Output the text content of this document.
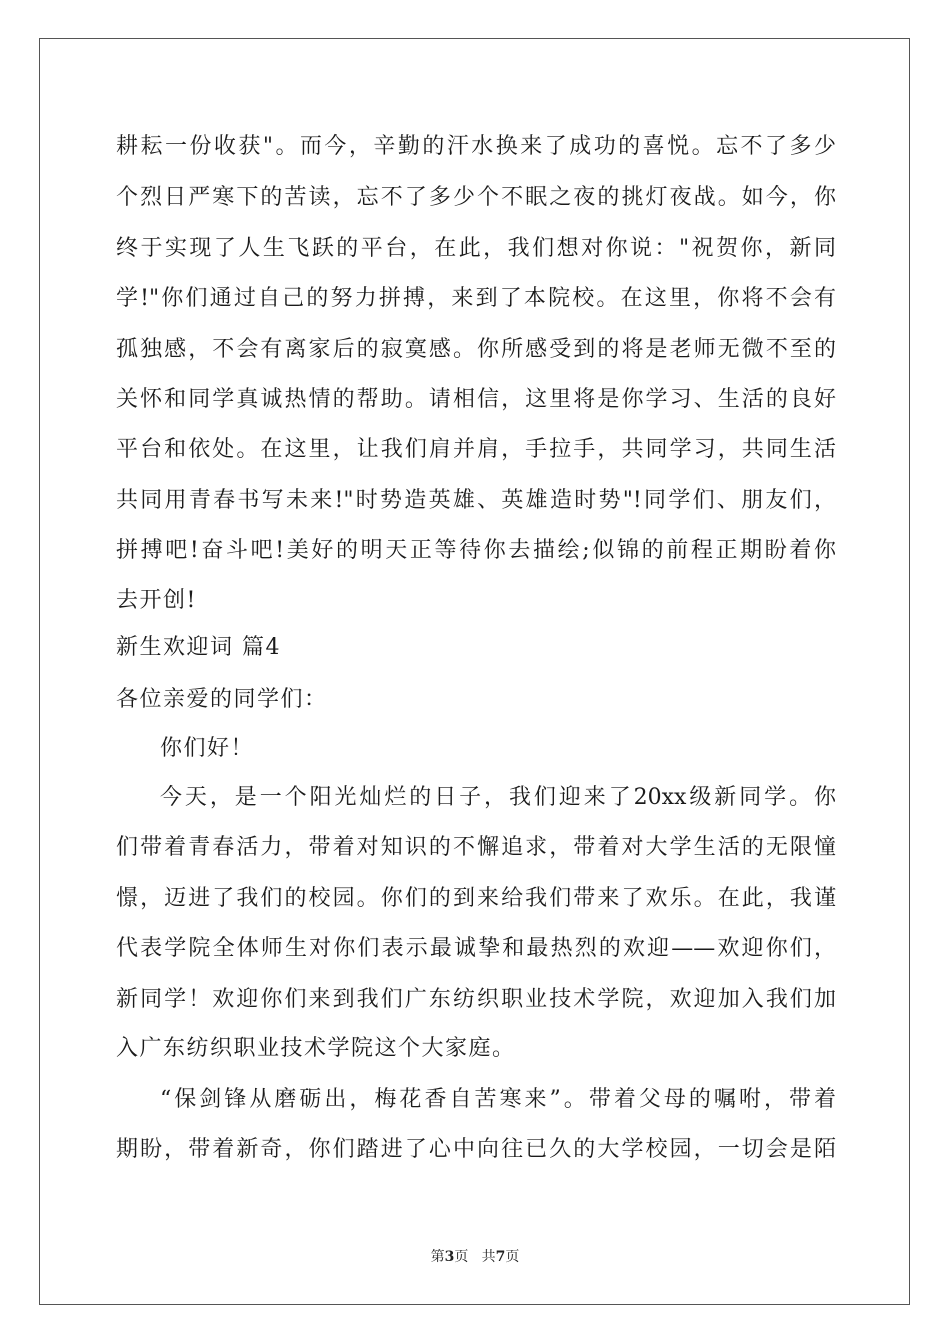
耕耘一份收获"。而今，辛勤的汗水换来了成功的喜悦。忘不了多少
个烈日严寒下的苦读，忘不了多少个不眠之夜的挑灯夜战。如今，你
终于实现了人生飞跃的平台，在此，我们想对你说："祝贺你，新同
学!"你们通过自己的努力拼搏，来到了本院校。在这里，你将不会有
孤独感，不会有离家后的寂寞感。你所感受到的将是老师无微不至的
关怀和同学真诚热情的帮助。请相信，这里将是你学习、生活的良好
平台和依处。在这里，让我们肩并肩，手拉手，共同学习，共同生活
共同用青春书写未来!"时势造英雄、英雄造时势"!同学们、朋友们，
拼搏吧!奋斗吧!美好的明天正等待你去描绘;似锦的前程正期盼着你
去开创!
新生欢迎词 篇4
各位亲爱的同学们：
你们好！
今天，是一个阳光灿烂的日子，我们迎来了20xx级新同学。你
们带着青春活力，带着对知识的不懈追求，带着对大学生活的无限憧
憬，迈进了我们的校园。你们的到来给我们带来了欢乐。在此，我谨
代表学院全体师生对你们表示最诚挚和最热烈的欢迎——欢迎你们，
新同学！欢迎你们来到我们广东纺织职业技术学院，欢迎加入我们加
入广东纺织职业技术学院这个大家庭。
“保剑锋从磨砺出，梅花香自苦寒来”。带着父母的嘱咐，带着
期盼，带着新奇，你们踏进了心中向往已久的大学校园，一切会是陌
第3页   共7页
